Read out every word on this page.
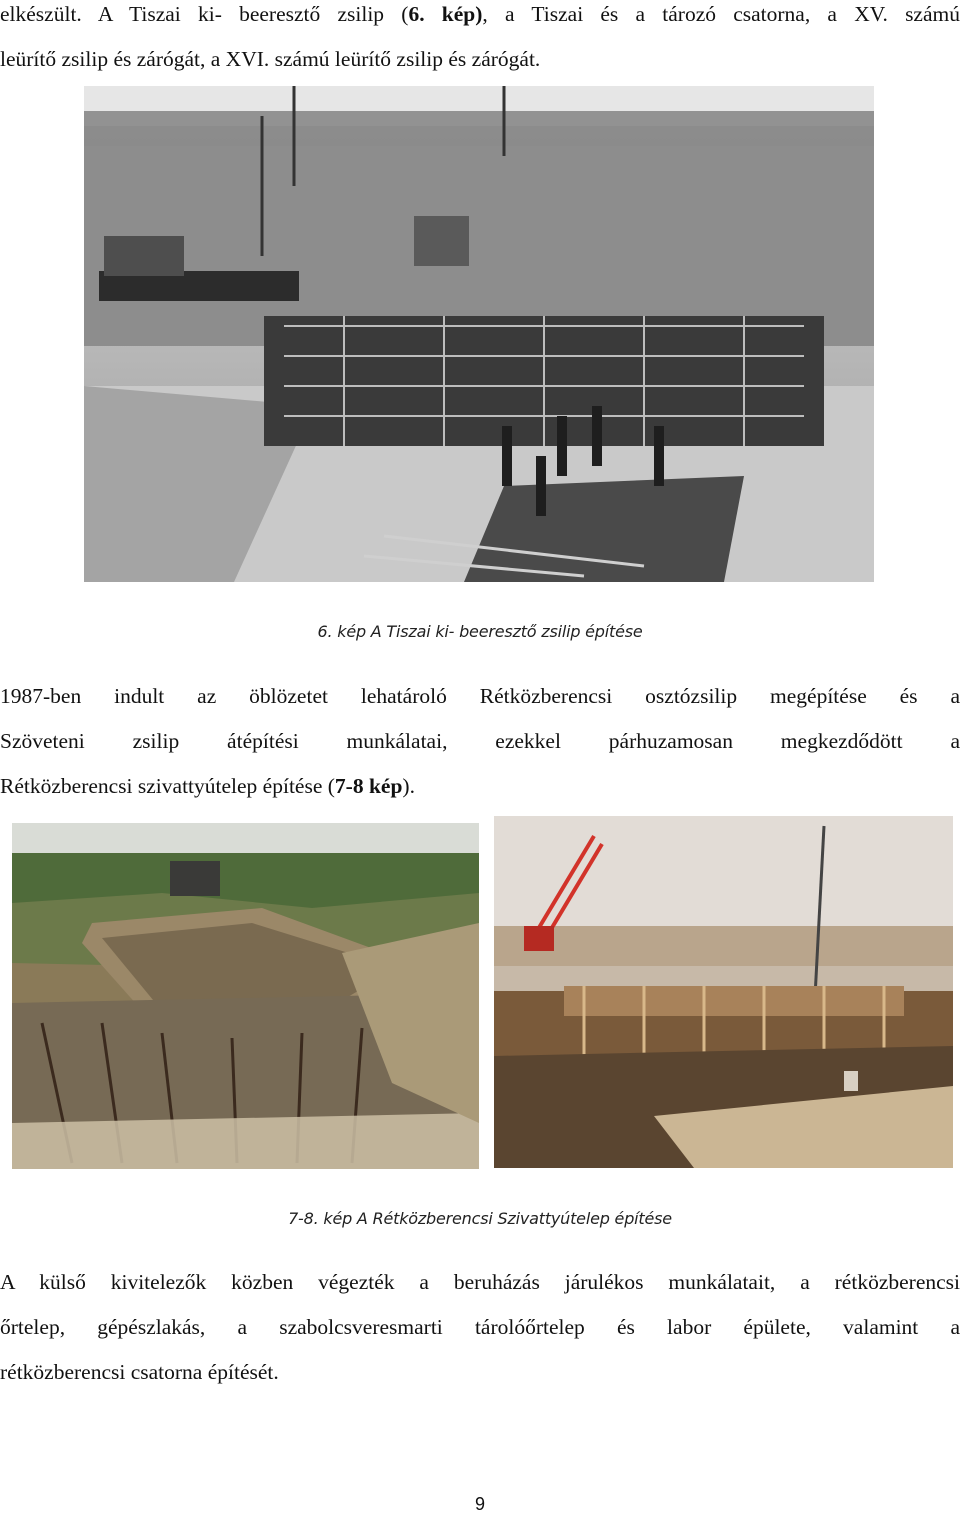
elkészült. A Tiszai ki- beeresztő zsilip (6. kép), a Tiszai és a tározó csatorna, a XV. számú
leürítő zsilip és zárógát, a XVI. számú leürítő zsilip és zárógát.
6. kép A Tiszai ki- beeresztő zsilip építése
1987-ben indult az öblözetet lehatároló Rétközberencsi osztózsilip megépítése és a
Szöveteni zsilip átépítési munkálatai, ezekkel párhuzamosan megkezdődött a
Rétközberencsi szivattyútelep építése (7-8 kép).
7-8. kép A Rétközberencsi Szivattyútelep építése
A külső kivitelezők közben végezték a beruházás járulékos munkálatait, a rétközberencsi
őrtelep, gépészlakás, a szabolcsveresmarti tárolóőrtelep és labor épülete, valamint a
rétközberencsi csatorna építését.
9
